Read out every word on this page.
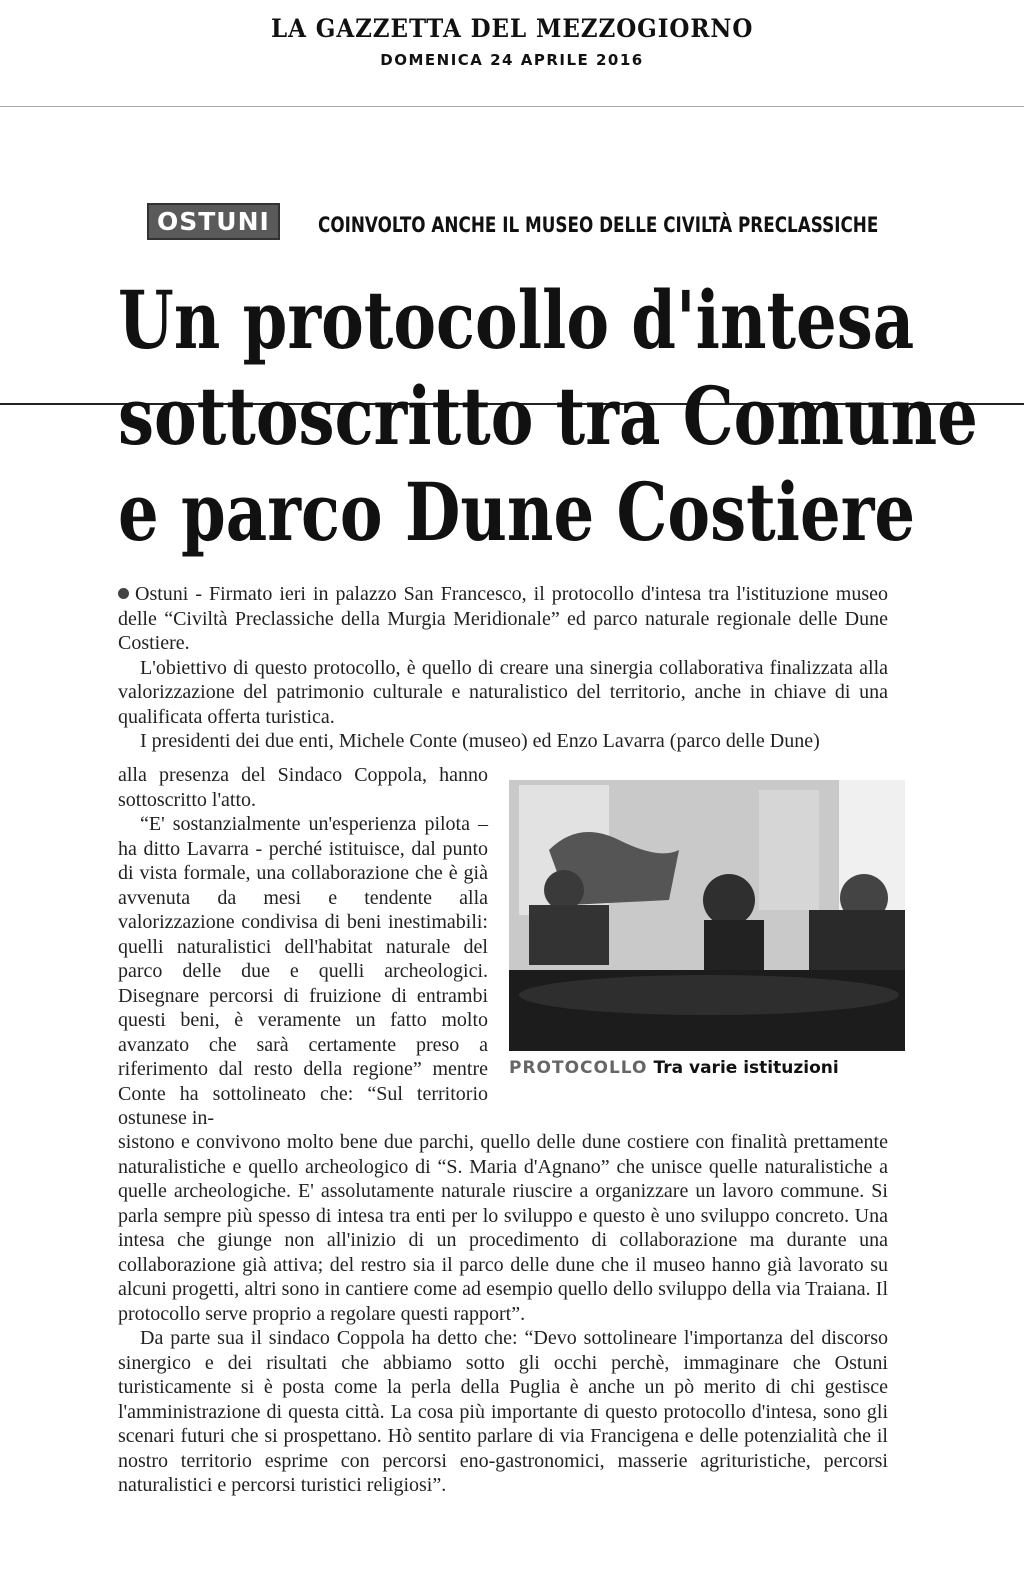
LA GAZZETTA DEL MEZZOGIORNO
DOMENICA 24 APRILE 2016
OSTUNI	COINVOLTO ANCHE IL MUSEO DELLE CIVILTÀ PRECLASSICHE
Un protocollo d'intesa
sottoscritto tra Comune
e parco Dune Costiere

Ostuni - Firmato ieri in palazzo San Francesco, il protocollo d'intesa tra l'istituzione museo delle “Civiltà Preclassiche della Murgia Meridionale” ed parco naturale regionale delle Dune Costiere.

L'obiettivo di questo protocollo, è quello di creare una sinergia collaborativa finalizzata alla valorizzazione del patrimonio culturale e naturalistico del territorio, anche in chiave di una qualificata offerta turistica.

I presidenti dei due enti, Michele Conte (museo) ed Enzo Lavarra (parco delle Dune)

alla presenza del Sindaco Coppola, hanno sottoscritto l'atto.

“E' sostanzialmente un'esperienza pilota – ha ditto Lavarra - perché istituisce, dal punto di vista formale, una collaborazione che è già avvenuta da mesi e tendente alla valorizzazione condivisa di beni inestimabili: quelli naturalistici dell'habitat naturale del parco delle due e quelli archeologici. Disegnare percorsi di fruizione di entrambi questi beni, è veramente un fatto molto avanzato che sarà certamente preso a riferimento dal resto della regione” mentre Conte ha sottolineato che: “Sul territorio ostunese in-

PROTOCOLLO Tra varie istituzioni

sistono e convivono molto bene due parchi, quello delle dune costiere con finalità prettamente naturalistiche e quello archeologico di “S. Maria d'Agnano” che unisce quelle naturalistiche a quelle archeologiche. E' assolutamente naturale riuscire a organizzare un lavoro commune. Si parla sempre più spesso di intesa tra enti per lo sviluppo e questo è uno sviluppo concreto. Una intesa che giunge non all'inizio di un procedimento di collaborazione ma durante una collaborazione già attiva; del restro sia il parco delle dune che il museo hanno già lavorato su alcuni progetti, altri sono in cantiere come ad esempio quello dello sviluppo della via Traiana. Il protocollo serve proprio a regolare questi rapport”.

Da parte sua il sindaco Coppola ha detto che: “Devo sottolineare l'importanza del discorso sinergico e dei risultati che abbiamo sotto gli occhi perchè, immaginare che Ostuni turisticamente si è posta come la perla della Puglia è anche un pò merito di chi gestisce l'amministrazione di questa città. La cosa più importante di questo protocollo d'intesa, sono gli scenari futuri che si prospettano. Hò sentito parlare di via Francigena e delle potenzialità che il nostro territorio esprime con percorsi eno-gastronomici, masserie agrituristiche, percorsi naturalistici e percorsi turistici religiosi”.
